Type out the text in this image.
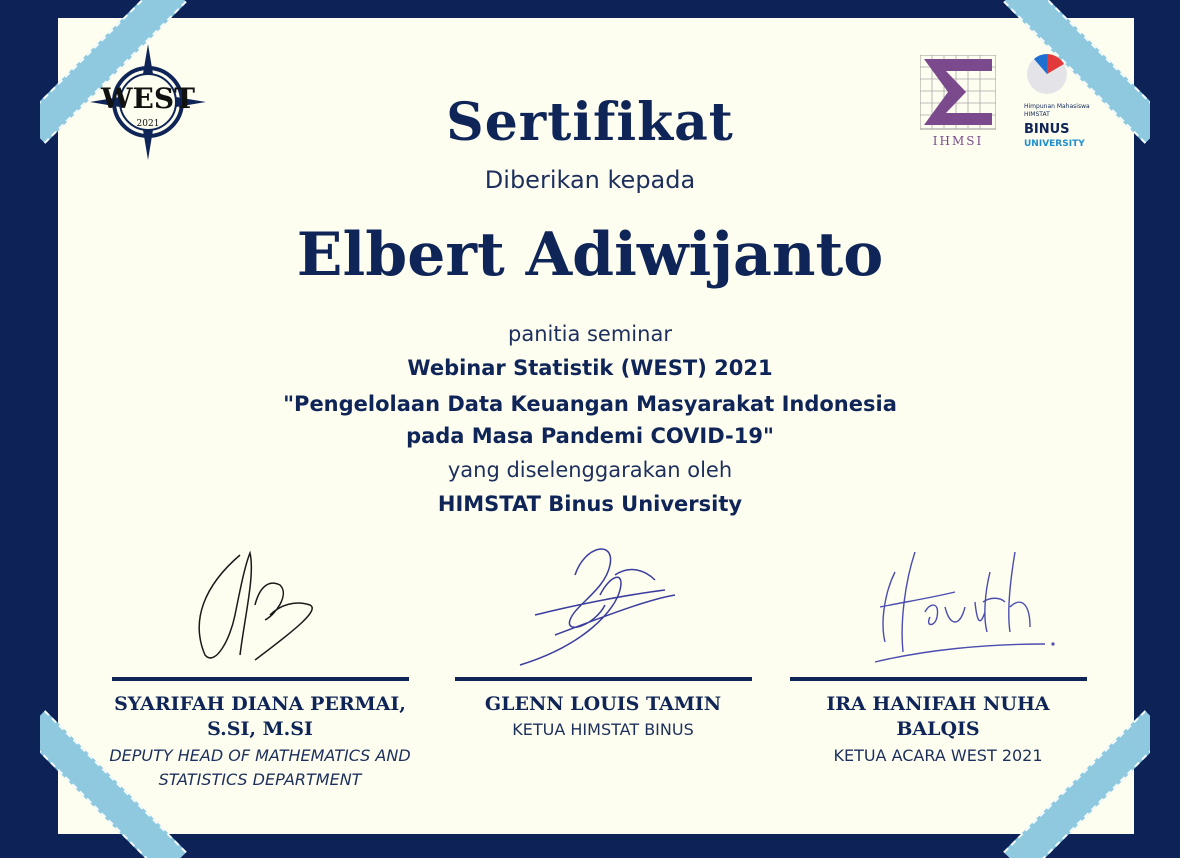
WEST
2021
IHMSI
Himpunan Mahasiswa
HIMSTAT
BINUS
UNIVERSITY
Sertifikat
Diberikan kepada
Elbert Adiwijanto
panitia seminar
Webinar Statistik (WEST) 2021
"Pengelolaan Data Keuangan Masyarakat Indonesia
pada Masa Pandemi COVID-19"
yang diselenggarakan oleh
HIMSTAT Binus University
SYARIFAH DIANA PERMAI,
S.SI, M.SI
DEPUTY HEAD OF MATHEMATICS AND
STATISTICS DEPARTMENT
GLENN LOUIS TAMIN
KETUA HIMSTAT BINUS
IRA HANIFAH NUHA
BALQIS
KETUA ACARA WEST 2021
